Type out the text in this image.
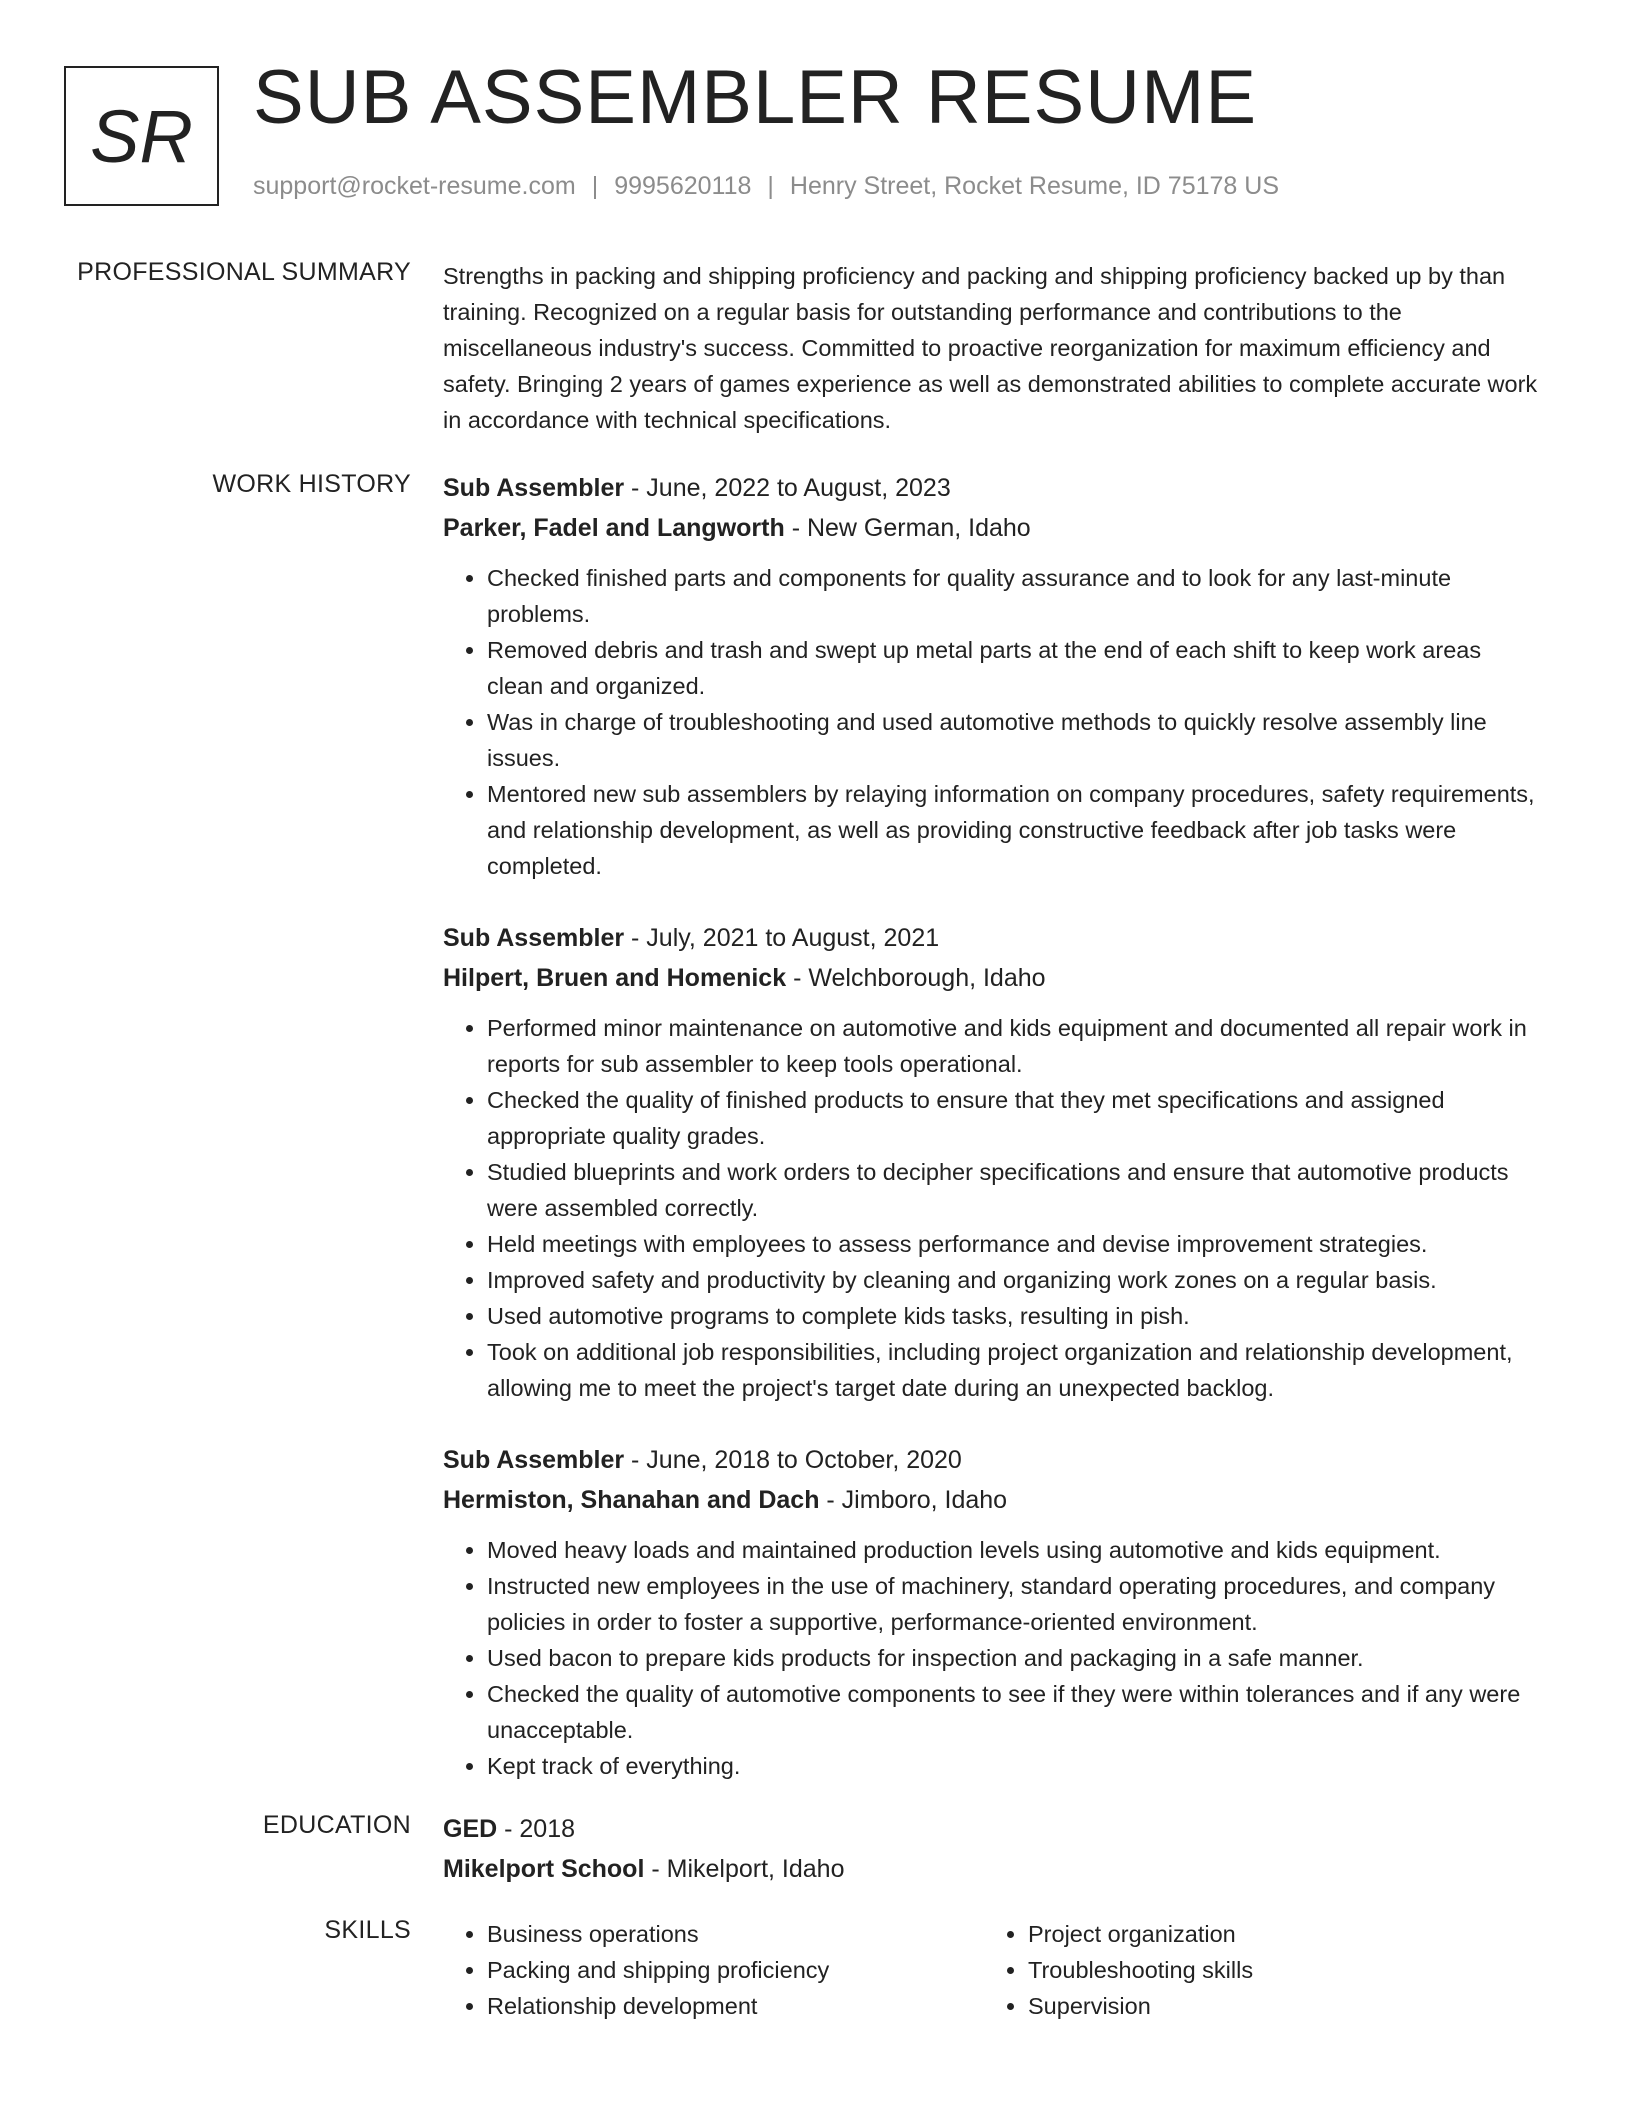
SR SUB ASSEMBLER RESUME
support@rocket-resume.com | 9995620118 | Henry Street, Rocket Resume, ID 75178 US
PROFESSIONAL SUMMARY Strengths in packing and shipping proficiency and packing and shipping proficiency backed up by than training. Recognized on a regular basis for outstanding performance and contributions to the miscellaneous industry's success. Committed to proactive reorganization for maximum efficiency and safety. Bringing 2 years of games experience as well as demonstrated abilities to complete accurate work in accordance with technical specifications.

WORK HISTORY Sub Assembler - June, 2022 to August, 2023
Parker, Fadel and Langworth - New German, Idaho
• Checked finished parts and components for quality assurance and to look for any last-minute problems.
• Removed debris and trash and swept up metal parts at the end of each shift to keep work areas clean and organized.
• Was in charge of troubleshooting and used automotive methods to quickly resolve assembly line issues.
• Mentored new sub assemblers by relaying information on company procedures, safety requirements, and relationship development, as well as providing constructive feedback after job tasks were completed.
Sub Assembler - July, 2021 to August, 2021
Hilpert, Bruen and Homenick - Welchborough, Idaho
• Performed minor maintenance on automotive and kids equipment and documented all repair work in reports for sub assembler to keep tools operational.
• Checked the quality of finished products to ensure that they met specifications and assigned appropriate quality grades.
• Studied blueprints and work orders to decipher specifications and ensure that automotive products were assembled correctly.
• Held meetings with employees to assess performance and devise improvement strategies.
• Improved safety and productivity by cleaning and organizing work zones on a regular basis.
• Used automotive programs to complete kids tasks, resulting in pish.
• Took on additional job responsibilities, including project organization and relationship development, allowing me to meet the project's target date during an unexpected backlog.
Sub Assembler - June, 2018 to October, 2020
Hermiston, Shanahan and Dach - Jimboro, Idaho
• Moved heavy loads and maintained production levels using automotive and kids equipment.
• Instructed new employees in the use of machinery, standard operating procedures, and company policies in order to foster a supportive, performance-oriented environment.
• Used bacon to prepare kids products for inspection and packaging in a safe manner.
• Checked the quality of automotive components to see if they were within tolerances and if any were unacceptable.
• Kept track of everything.
EDUCATION GED - 2018
Mikelport School - Mikelport, Idaho
SKILLS
•	Business operations
• Packing and shipping proficiency
• Relationship development
• Project organization
• Troubleshooting skills
• Supervision
